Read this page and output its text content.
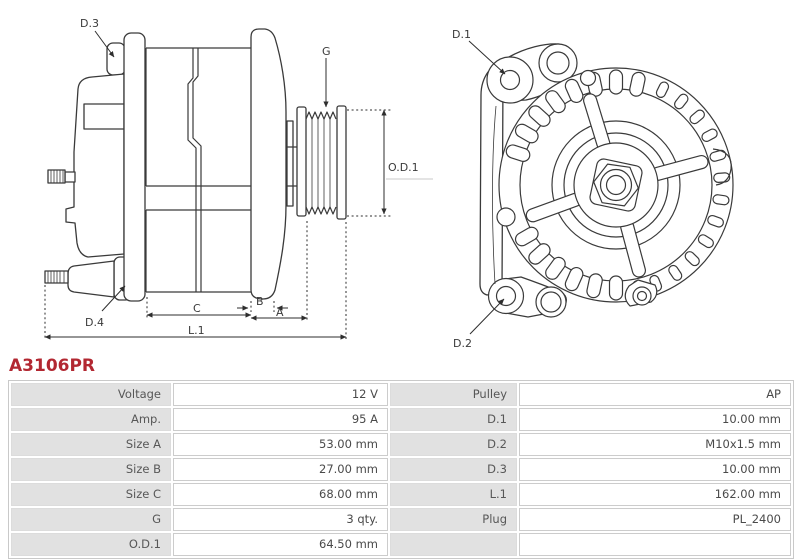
D.3
G
O.D.1
D.4
C
B
A
L.1
D.1
D.2
A3106PR
Voltage	12 V	Pulley	AP
Amp.	95 A	D.1	10.00 mm
Size A	53.00 mm	D.2	M10x1.5 mm
Size B	27.00 mm	D.3	10.00 mm
Size C	68.00 mm	L.1	162.00 mm
G	3 qty.	Plug	PL_2400
O.D.1	64.50 mm		
